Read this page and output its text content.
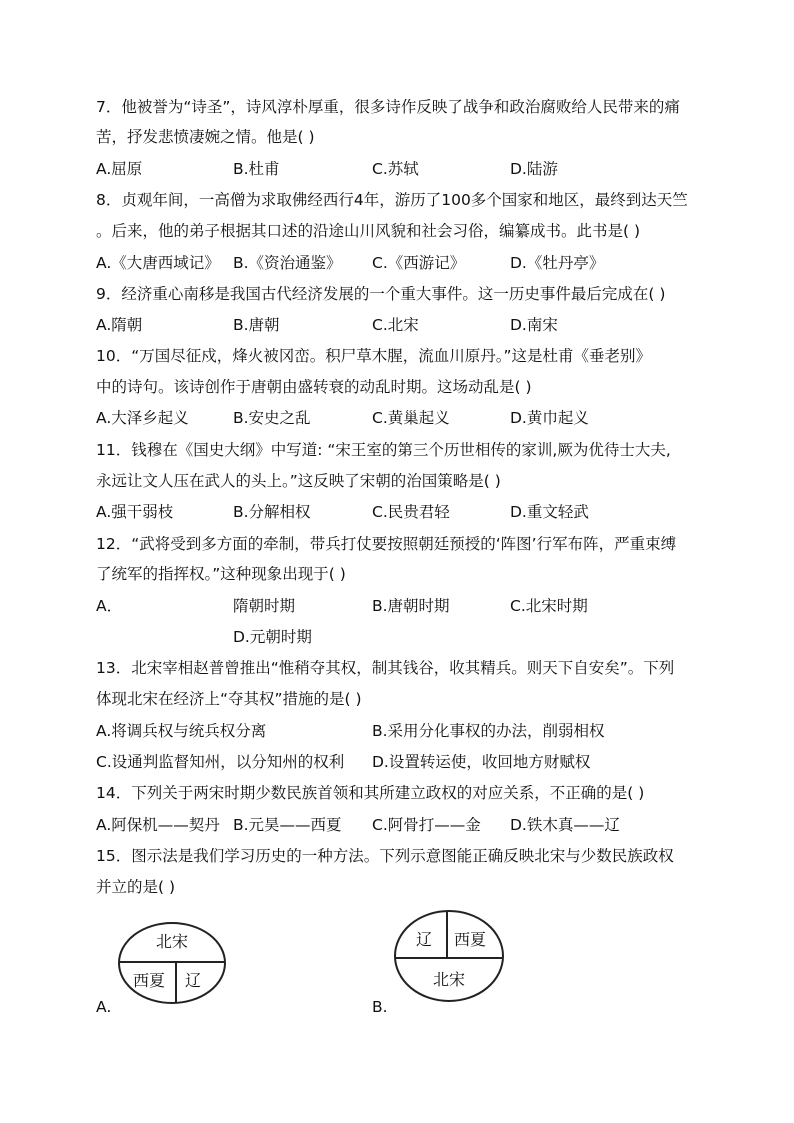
7．他被誉为“诗圣”，诗风淳朴厚重，很多诗作反映了战争和政治腐败给人民带来的痛
苦，抒发悲愤凄婉之情。他是( )
A.屈原	B.杜甫	C.苏轼	D.陆游
8．贞观年间，一高僧为求取佛经西行4年，游历了100多个国家和地区，最终到达天竺
。后来，他的弟子根据其口述的沿途山川风貌和社会习俗，编纂成书。此书是( )
A.《大唐西域记》 B.《资治通鉴》 C.《西游记》	D.《牡丹亭》
9．经济重心南移是我国古代经济发展的一个重大事件。这一历史事件最后完成在( )
A.隋朝	B.唐朝	C.北宋	D.南宋
10．“万国尽征戍，烽火被冈峦。积尸草木腥，流血川原丹。”这是杜甫《垂老别》
中的诗句。该诗创作于唐朝由盛转衰的动乱时期。这场动乱是( )
A.大泽乡起义	B.安史之乱	C.黄巢起义	D.黄巾起义
11．钱穆在《国史大纲》中写道: “宋王室的第三个历世相传的家训,厥为优待士大夫,
永远让文人压在武人的头上。”这反映了宋朝的治国策略是( )
A.强干弱枝	B.分解相权	C.民贵君轻	D.重文轻武
12．“武将受到多方面的牵制，带兵打仗要按照朝廷预授的‘阵图’行军布阵，严重束缚
了统军的指挥权。”这种现象出现于( )
A．	隋朝时期	B.唐朝时期	C.北宋时期
D.元朝时期
13．北宋宰相赵普曾推出“惟稍夺其权，制其钱谷，收其精兵。则天下自安矣”。下列
体现北宋在经济上“夺其权”措施的是( )
A.将调兵权与统兵权分离	B.采用分化事权的办法，削弱相权
C.设通判监督知州，以分知州的权利 D.设置转运使，收回地方财赋权
14．下列关于两宋时期少数民族首领和其所建立政权的对应关系，不正确的是( )
A.阿保机——契丹 B.元昊——西夏 C.阿骨打——金 D.铁木真——辽
15．图示法是我们学习历史的一种方法。下列示意图能正确反映北宋与少数民族政权
并立的是( )
A.
北宋
西夏 辽
B.
辽 西夏
北宋
